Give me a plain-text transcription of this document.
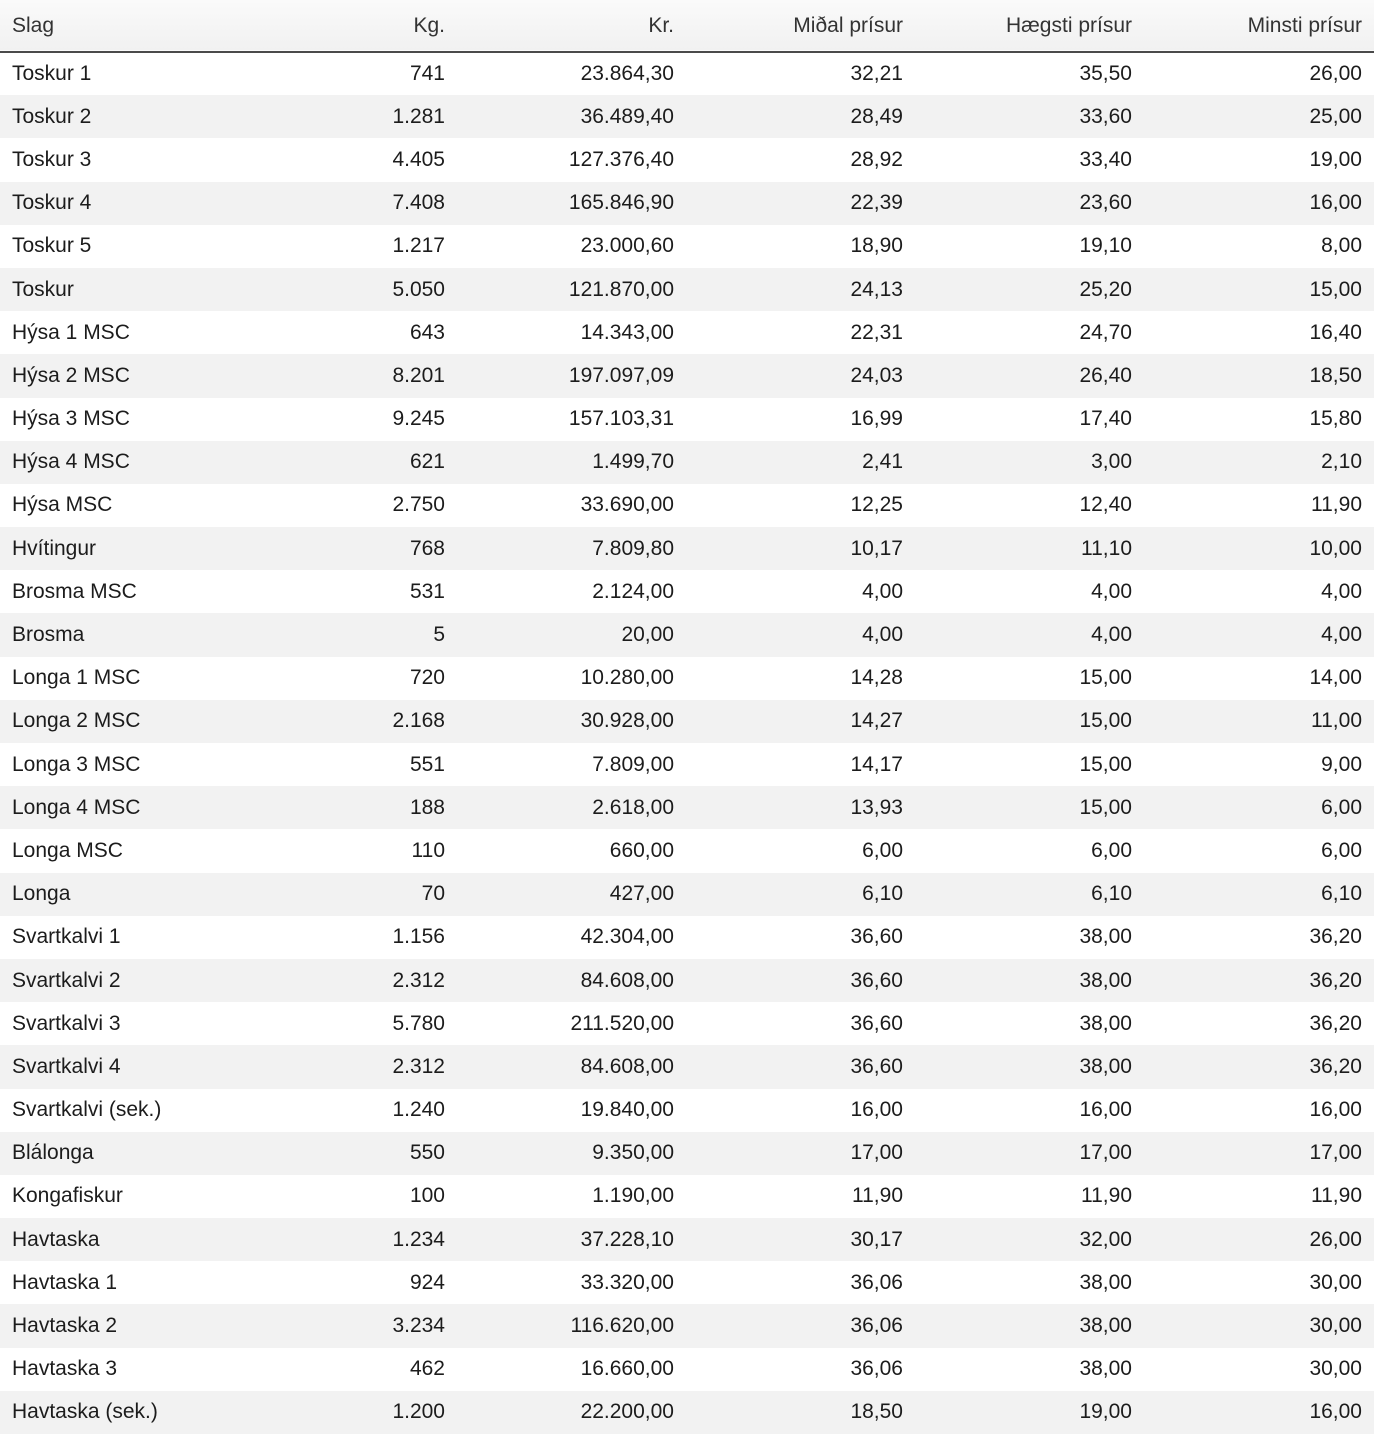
Slag	Kg.	Kr.	Miðal prísur	Hægsti prísur	Minsti prísur
Toskur 1	741	23.864,30	32,21	35,50	26,00
Toskur 2	1.281	36.489,40	28,49	33,60	25,00
Toskur 3	4.405	127.376,40	28,92	33,40	19,00
Toskur 4	7.408	165.846,90	22,39	23,60	16,00
Toskur 5	1.217	23.000,60	18,90	19,10	8,00
Toskur	5.050	121.870,00	24,13	25,20	15,00
Hýsa 1 MSC	643	14.343,00	22,31	24,70	16,40
Hýsa 2 MSC	8.201	197.097,09	24,03	26,40	18,50
Hýsa 3 MSC	9.245	157.103,31	16,99	17,40	15,80
Hýsa 4 MSC	621	1.499,70	2,41	3,00	2,10
Hýsa MSC	2.750	33.690,00	12,25	12,40	11,90
Hvítingur	768	7.809,80	10,17	11,10	10,00
Brosma MSC	531	2.124,00	4,00	4,00	4,00
Brosma	5	20,00	4,00	4,00	4,00
Longa 1 MSC	720	10.280,00	14,28	15,00	14,00
Longa 2 MSC	2.168	30.928,00	14,27	15,00	11,00
Longa 3 MSC	551	7.809,00	14,17	15,00	9,00
Longa 4 MSC	188	2.618,00	13,93	15,00	6,00
Longa MSC	110	660,00	6,00	6,00	6,00
Longa	70	427,00	6,10	6,10	6,10
Svartkalvi 1	1.156	42.304,00	36,60	38,00	36,20
Svartkalvi 2	2.312	84.608,00	36,60	38,00	36,20
Svartkalvi 3	5.780	211.520,00	36,60	38,00	36,20
Svartkalvi 4	2.312	84.608,00	36,60	38,00	36,20
Svartkalvi (sek.)	1.240	19.840,00	16,00	16,00	16,00
Blálonga	550	9.350,00	17,00	17,00	17,00
Kongafiskur	100	1.190,00	11,90	11,90	11,90
Havtaska	1.234	37.228,10	30,17	32,00	26,00
Havtaska 1	924	33.320,00	36,06	38,00	30,00
Havtaska 2	3.234	116.620,00	36,06	38,00	30,00
Havtaska 3	462	16.660,00	36,06	38,00	30,00
Havtaska (sek.)	1.200	22.200,00	18,50	19,00	16,00
